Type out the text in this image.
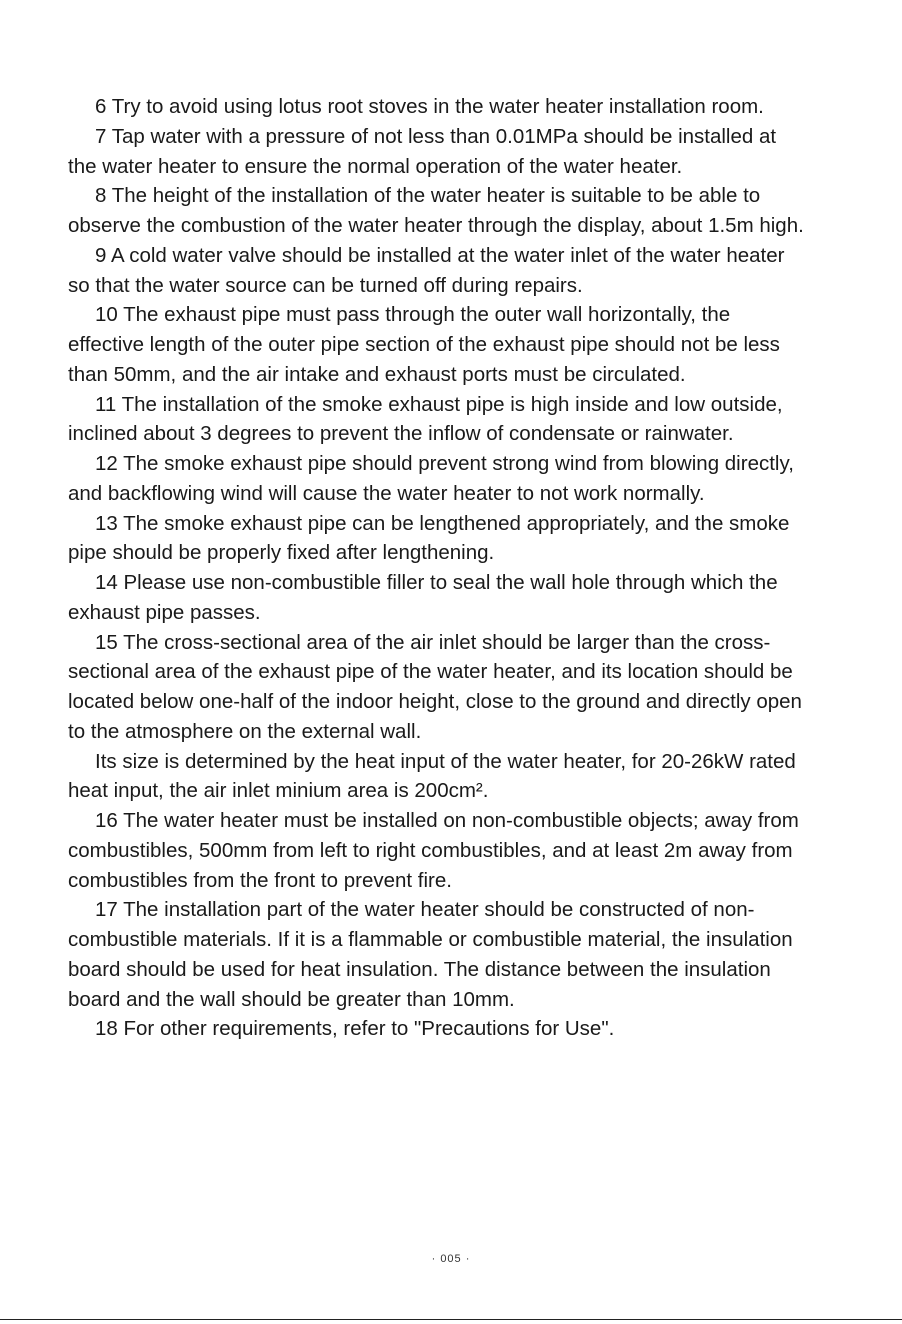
6 Try to avoid using lotus root stoves in the water heater installation room.

7 Tap water with a pressure of not less than 0.01MPa should be installed at the water heater to ensure the normal operation of the water heater.

8 The height of the installation of the water heater is suitable to be able to observe the combustion of the water heater through the display, about 1.5m high.

9 A cold water valve should be installed at the water inlet of the water heater so that the water source can be turned off during repairs.

10 The exhaust pipe must pass through the outer wall horizontally, the effective length of the outer pipe section of the exhaust pipe should not be less than 50mm, and the air intake and exhaust ports must be circulated.

11 The installation of the smoke exhaust pipe is high inside and low outside, inclined about 3 degrees to prevent the inflow of condensate or rainwater.

12 The smoke exhaust pipe should prevent strong wind from blowing directly, and backflowing wind will cause the water heater to not work normally.

13 The smoke exhaust pipe can be lengthened appropriately, and the smoke pipe should be properly fixed after lengthening.

14 Please use non-combustible filler to seal the wall hole through which the exhaust pipe passes.

15 The cross-sectional area of the air inlet should be larger than the cross-sectional area of the exhaust pipe of the water heater, and its location should be located below one-half of the indoor height, close to the ground and directly open to the atmosphere on the external wall.

Its size is determined by the heat input of the water heater, for 20-26kW rated heat input, the air inlet minium area is 200cm².

16 The water heater must be installed on non-combustible objects; away from combustibles, 500mm from left to right combustibles, and at least 2m away from combustibles from the front to prevent fire.

17 The installation part of the water heater should be constructed of non-combustible materials. If it is a flammable or combustible material, the insulation board should be used for heat insulation. The distance between the insulation board and the wall should be greater than 10mm.

18 For other requirements, refer to "Precautions for Use".

· 005 ·
